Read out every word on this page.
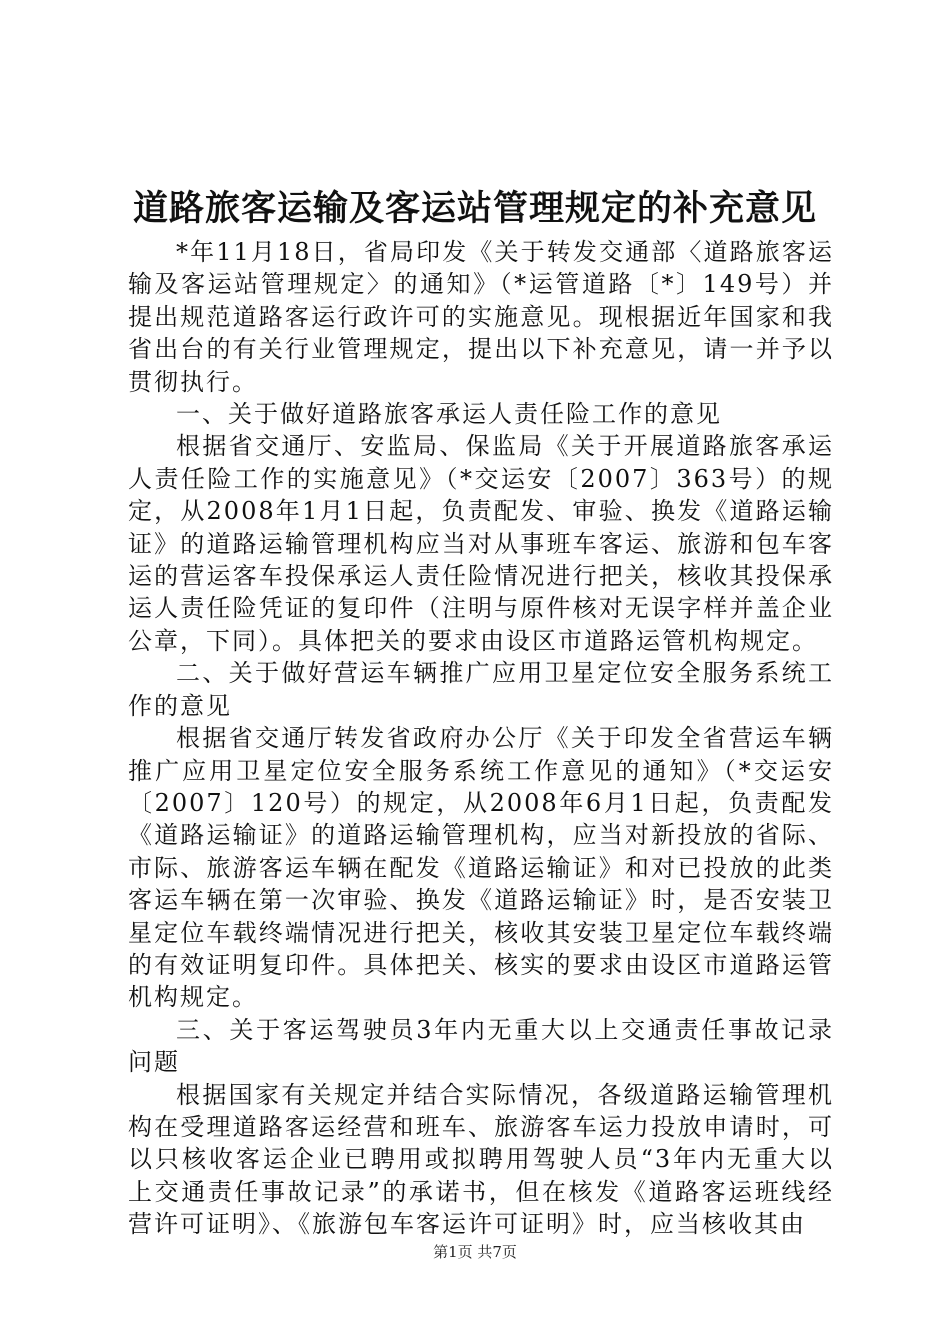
道路旅客运输及客运站管理规定的补充意见

*年11月18日，省局印发《关于转发交通部〈道路旅客运输及客运站管理规定〉的通知》（*运管道路〔*〕149号）并提出规范道路客运行政许可的实施意见。现根据近年国家和我省出台的有关行业管理规定，提出以下补充意见，请一并予以贯彻执行。

一、关于做好道路旅客承运人责任险工作的意见

根据省交通厅、安监局、保监局《关于开展道路旅客承运人责任险工作的实施意见》（*交运安〔2007〕363号）的规定，从2008年1月1日起，负责配发、审验、换发《道路运输证》的道路运输管理机构应当对从事班车客运、旅游和包车客运的营运客车投保承运人责任险情况进行把关，核收其投保承运人责任险凭证的复印件（注明与原件核对无误字样并盖企业公章，下同）。具体把关的要求由设区市道路运管机构规定。

二、关于做好营运车辆推广应用卫星定位安全服务系统工作的意见

根据省交通厅转发省政府办公厅《关于印发全省营运车辆推广应用卫星定位安全服务系统工作意见的通知》（*交运安〔2007〕120号）的规定，从2008年6月1日起，负责配发《道路运输证》的道路运输管理机构，应当对新投放的省际、市际、旅游客运车辆在配发《道路运输证》和对已投放的此类客运车辆在第一次审验、换发《道路运输证》时，是否安装卫星定位车载终端情况进行把关，核收其安装卫星定位车载终端的有效证明复印件。具体把关、核实的要求由设区市道路运管机构规定。

三、关于客运驾驶员3年内无重大以上交通责任事故记录问题

根据国家有关规定并结合实际情况，各级道路运输管理机构在受理道路客运经营和班车、旅游客车运力投放申请时，可以只核收客运企业已聘用或拟聘用驾驶人员“3年内无重大以上交通责任事故记录”的承诺书，但在核发《道路客运班线经营许可证明》、《旅游包车客运许可证明》时，应当核收其由

第1页 共7页
